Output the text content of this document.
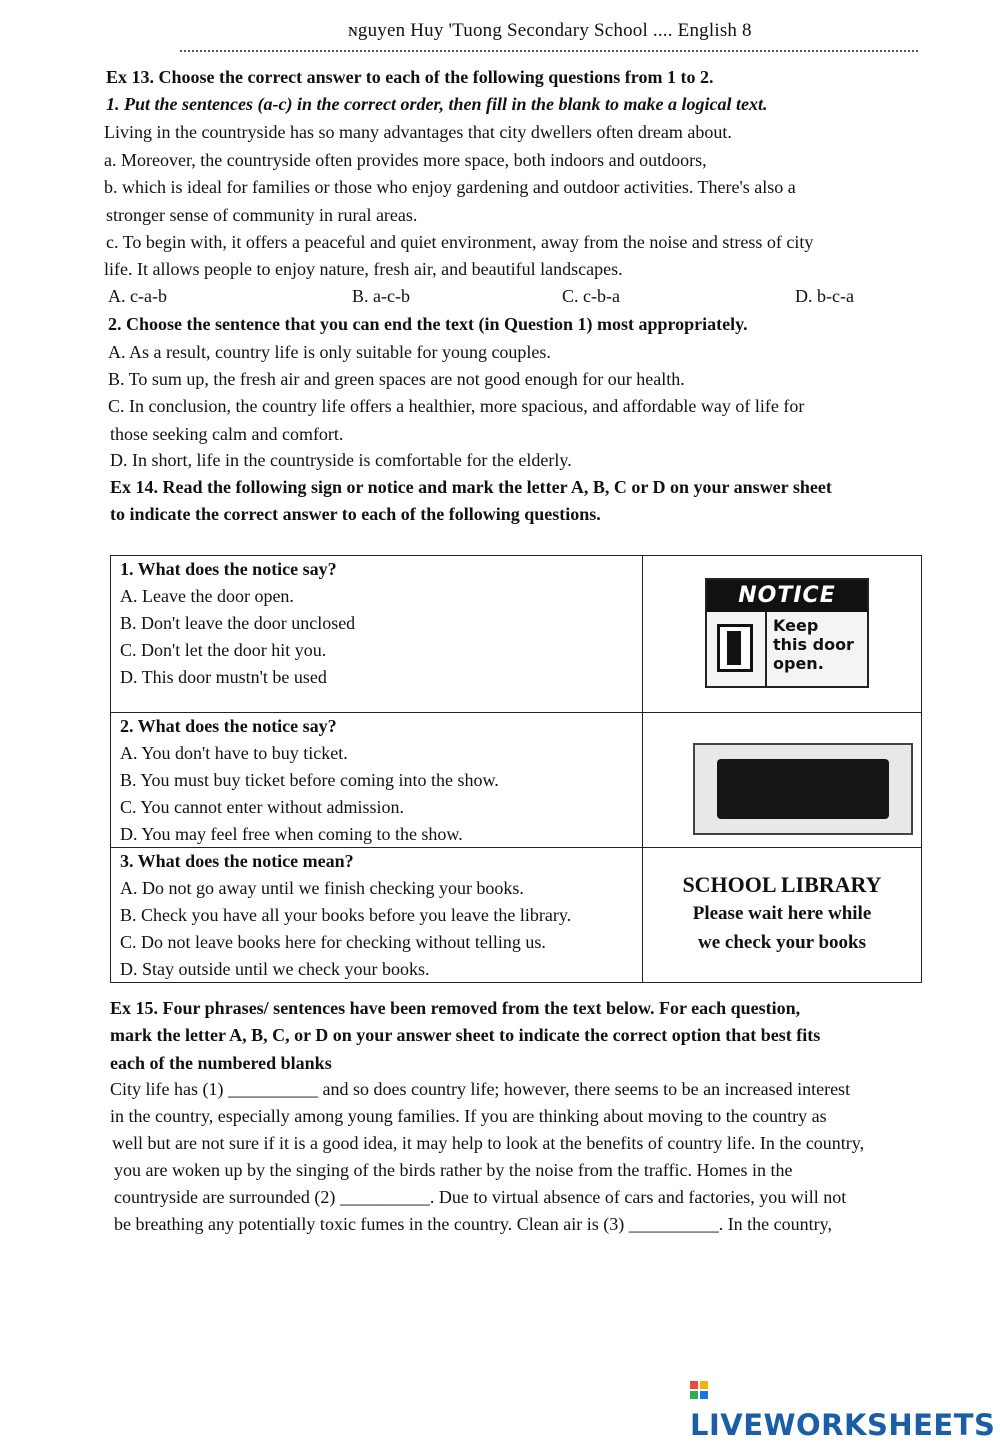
ɴguyen Huy 'Tuong Secondary School .... English 8
Ex 13. Choose the correct answer to each of the following questions from 1 to 2.
1. Put the sentences (a-c) in the correct order, then fill in the blank to make a logical text.
Living in the countryside has so many advantages that city dwellers often dream about.
a. Moreover, the countryside often provides more space, both indoors and outdoors,
b. which is ideal for families or those who enjoy gardening and outdoor activities. There's also a
stronger sense of community in rural areas.
c. To begin with, it offers a peaceful and quiet environment, away from the noise and stress of city
life. It allows people to enjoy nature, fresh air, and beautiful landscapes.
A. c-a-b	B. a-c-b	C. c-b-a	D. b-c-a
2. Choose the sentence that you can end the text (in Question 1) most appropriately.
A. As a result, country life is only suitable for young couples.
B. To sum up, the fresh air and green spaces are not good enough for our health.
C. In conclusion, the country life offers a healthier, more spacious, and affordable way of life for
those seeking calm and comfort.
D. In short, life in the countryside is comfortable for the elderly.
Ex 14. Read the following sign or notice and mark the letter A, B, C or D on your answer sheet
to indicate the correct answer to each of the following questions.
1. What does the notice say?
A. Leave the door open.
B. Don't leave the door unclosed
C. Don't let the door hit you.
D. This door mustn't be used
NOTICE
Keep
this door
open.
2. What does the notice say?
A. You don't have to buy ticket.
B. You must buy ticket before coming into the show.
C. You cannot enter without admission.
D. You may feel free when coming to the show.
3. What does the notice mean?
A. Do not go away until we finish checking your books.
B. Check you have all your books before you leave the library.
C. Do not leave books here for checking without telling us.
D. Stay outside until we check your books.
SCHOOL LIBRARY
Please wait here while
we check your books
Ex 15. Four phrases/ sentences have been removed from the text below. For each question,
mark the letter A, B, C, or D on your answer sheet to indicate the correct option that best fits
each of the numbered blanks
City life has (1) __________ and so does country life; however, there seems to be an increased interest
in the country, especially among young families. If you are thinking about moving to the country as
well but are not sure if it is a good idea, it may help to look at the benefits of country life. In the country,
you are woken up by the singing of the birds rather by the noise from the traffic. Homes in the
countryside are surrounded (2) __________. Due to virtual absence of cars and factories, you will not
be breathing any potentially toxic fumes in the country. Clean air is (3) __________. In the country,
LIVEWORKSHEETS
